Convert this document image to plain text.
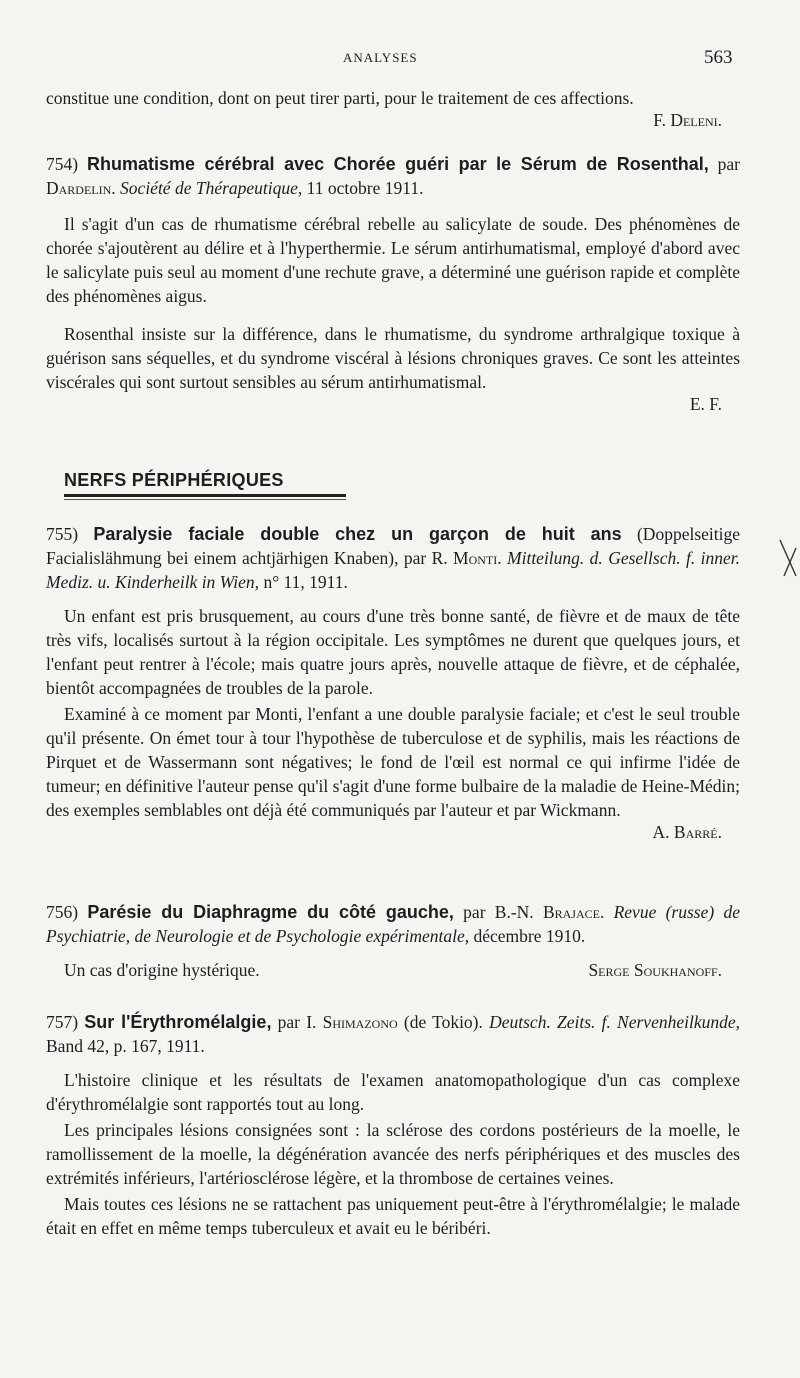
ANALYSES	563

constitue une condition, dont on peut tirer parti, pour le traitement de ces affections.

F. Deleni.

754) Rhumatisme cérébral avec Chorée guéri par le Sérum de Rosenthal, par Dardelin. Société de Thérapeutique, 11 octobre 1911.

Il s'agit d'un cas de rhumatisme cérébral rebelle au salicylate de soude. Des phénomènes de chorée s'ajoutèrent au délire et à l'hyperthermie. Le sérum antirhumatismal, employé d'abord avec le salicylate puis seul au moment d'une rechute grave, a déterminé une guérison rapide et complète des phénomènes aigus.

Rosenthal insiste sur la différence, dans le rhumatisme, du syndrome arthralgique toxique à guérison sans séquelles, et du syndrome viscéral à lésions chroniques graves. Ce sont les atteintes viscérales qui sont surtout sensibles au sérum antirhumatismal.

E. F.

NERFS PÉRIPHÉRIQUES

755) Paralysie faciale double chez un garçon de huit ans (Doppelseitige Facialislähmung bei einem achtjärhigen Knaben), par R. Monti. Mitteilung. d. Gesellsch. f. inner. Mediz. u. Kinderheilk in Wien, n° 11, 1911.

Un enfant est pris brusquement, au cours d'une très bonne santé, de fièvre et de maux de tête très vifs, localisés surtout à la région occipitale. Les symptômes ne durent que quelques jours, et l'enfant peut rentrer à l'école; mais quatre jours après, nouvelle attaque de fièvre, et de céphalée, bientôt accompagnées de troubles de la parole.

Examiné à ce moment par Monti, l'enfant a une double paralysie faciale; et c'est le seul trouble qu'il présente. On émet tour à tour l'hypothèse de tuberculose et de syphilis, mais les réactions de Pirquet et de Wassermann sont négatives; le fond de l'œil est normal ce qui infirme l'idée de tumeur; en définitive l'auteur pense qu'il s'agit d'une forme bulbaire de la maladie de Heine-Médin; des exemples semblables ont déjà été communiqués par l'auteur et par Wickmann.

A. Barré.

756) Parésie du Diaphragme du côté gauche, par B.-N. Brajace. Revue (russe) de Psychiatrie, de Neurologie et de Psychologie expérimentale, décembre 1910.

Un cas d'origine hystérique.	Serge Soukhanoff.

757) Sur l'Érythromélalgie, par I. Shimazono (de Tokio). Deutsch. Zeits. f. Nervenheilkunde, Band 42, p. 167, 1911.

L'histoire clinique et les résultats de l'examen anatomopathologique d'un cas complexe d'érythromélalgie sont rapportés tout au long.

Les principales lésions consignées sont : la sclérose des cordons postérieurs de la moelle, le ramollissement de la moelle, la dégénération avancée des nerfs périphériques et des muscles des extrémités inférieurs, l'artériosclérose légère, et la thrombose de certaines veines.

Mais toutes ces lésions ne se rattachent pas uniquement peut-être à l'érythromélalgie; le malade était en effet en même temps tuberculeux et avait eu le béribéri.
